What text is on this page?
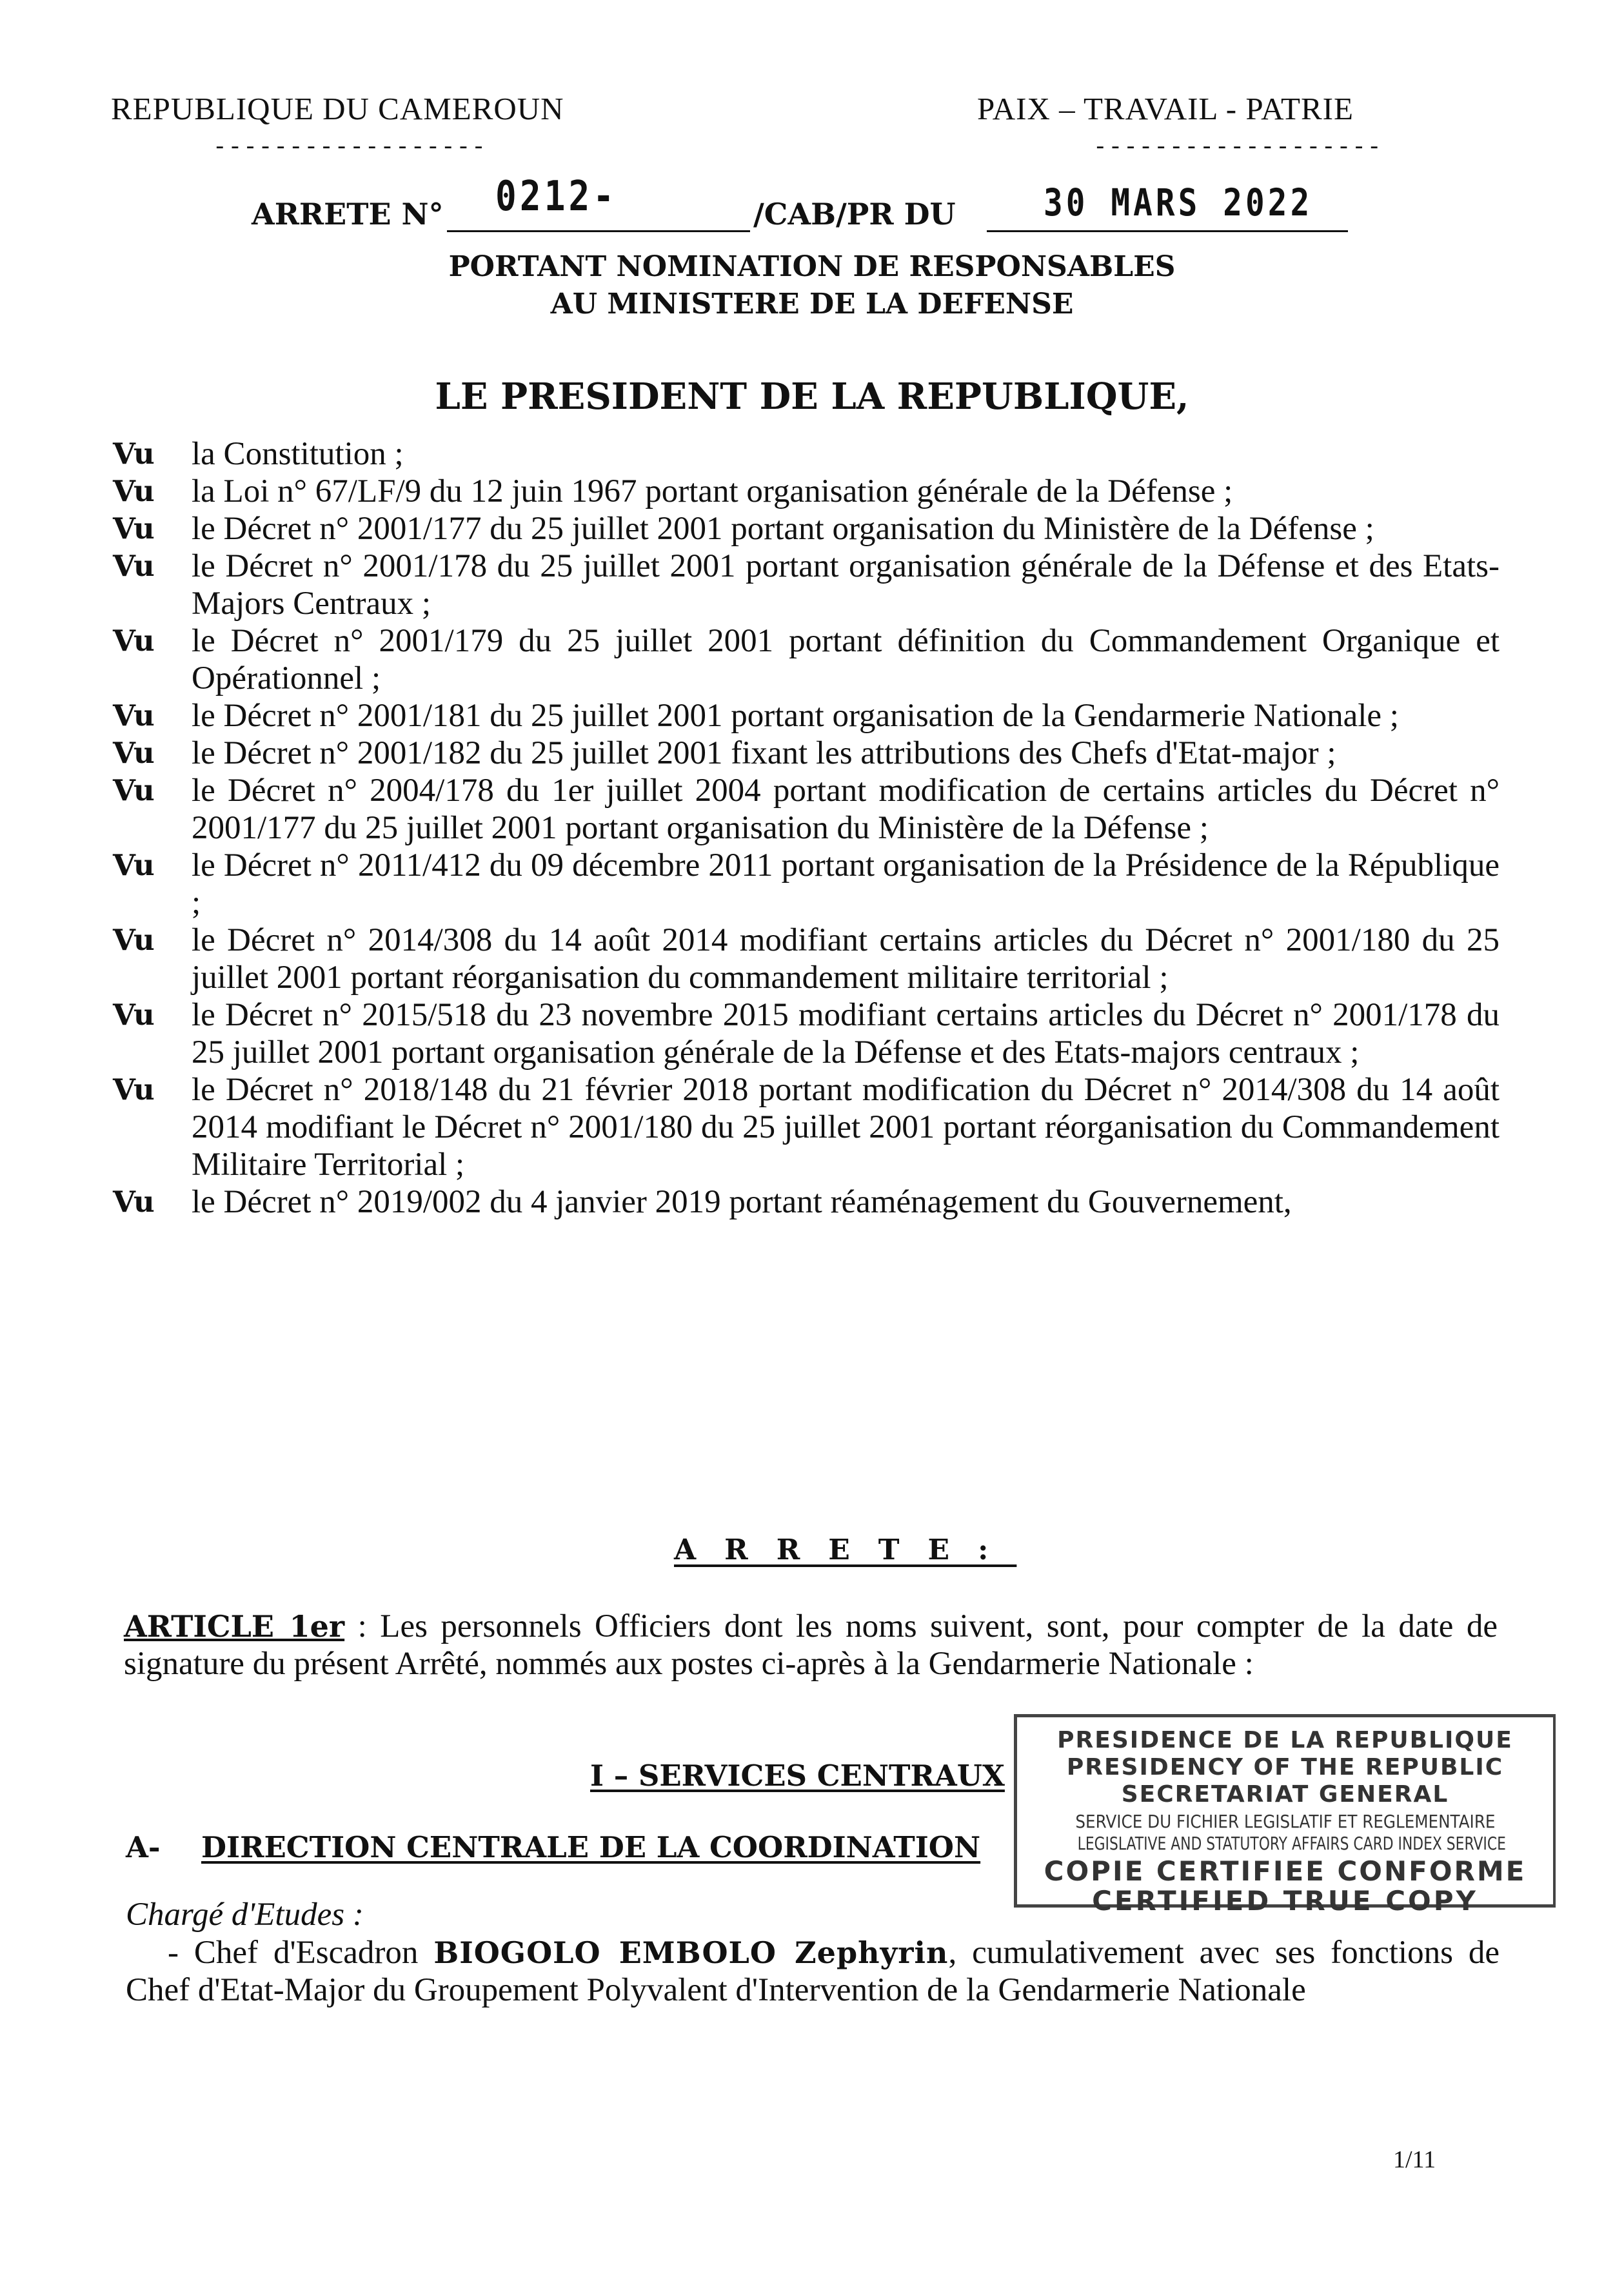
REPUBLIQUE DU CAMEROUN	PAIX – TRAVAIL - PATRIE
------------------	-------------------
ARRETE N° 0212-	/CAB/PR DU 30 MARS 2022
PORTANT NOMINATION DE RESPONSABLES
AU MINISTERE DE LA DEFENSE
LE PRESIDENT DE LA REPUBLIQUE,
Vu	la Constitution ;
Vu	la Loi n° 67/LF/9 du 12 juin 1967 portant organisation générale de la Défense ;
Vu	le Décret n° 2001/177 du 25 juillet 2001 portant organisation du Ministère de la Défense ;
Vu	le Décret n° 2001/178 du 25 juillet 2001 portant organisation générale de la Défense et des Etats-Majors Centraux ;
Vu	le Décret n° 2001/179 du 25 juillet 2001 portant définition du Commandement Organique et Opérationnel ;
Vu	le Décret n° 2001/181 du 25 juillet 2001 portant organisation de la Gendarmerie Nationale ;
Vu	le Décret n° 2001/182 du 25 juillet 2001 fixant les attributions des Chefs d'Etat-major ;
Vu	le Décret n° 2004/178 du 1er juillet 2004 portant modification de certains articles du Décret n° 2001/177 du 25 juillet 2001 portant organisation du Ministère de la Défense ;
Vu	le Décret n° 2011/412 du 09 décembre 2011 portant organisation de la Présidence de la République ;
Vu	le Décret n° 2014/308 du 14 août 2014 modifiant certains articles du Décret n° 2001/180 du 25 juillet 2001 portant réorganisation du commandement militaire territorial ;
Vu	le Décret n° 2015/518 du 23 novembre 2015 modifiant certains articles du Décret n° 2001/178 du 25 juillet 2001 portant organisation générale de la Défense et des Etats-majors centraux ;
Vu	le Décret n° 2018/148 du 21 février 2018 portant modification du Décret n° 2014/308 du 14 août 2014 modifiant le Décret n° 2001/180 du 25 juillet 2001 portant réorganisation du Commandement Militaire Territorial ;
Vu	le Décret n° 2019/002 du 4 janvier 2019 portant réaménagement du Gouvernement,
ARRETE:
ARTICLE 1er : Les personnels Officiers dont les noms suivent, sont, pour compter de la date de signature du présent Arrêté, nommés aux postes ci-après à la Gendarmerie Nationale :
I – SERVICES CENTRAUX
A- DIRECTION CENTRALE DE LA COORDINATION
Chargé d'Etudes :
- Chef d'Escadron BIOGOLO EMBOLO Zephyrin, cumulativement avec ses fonctions de Chef d'Etat-Major du Groupement Polyvalent d'Intervention de la Gendarmerie Nationale
PRESIDENCE DE LA REPUBLIQUE
PRESIDENCY OF THE REPUBLIC
SECRETARIAT GENERAL
SERVICE DU FICHIER LEGISLATIF ET REGLEMENTAIRE LEGISLATIVE AND STATUTORY AFFAIRS CARD INDEX SERVICE
COPIE CERTIFIEE CONFORME
CERTIFIED TRUE COPY
1/11
